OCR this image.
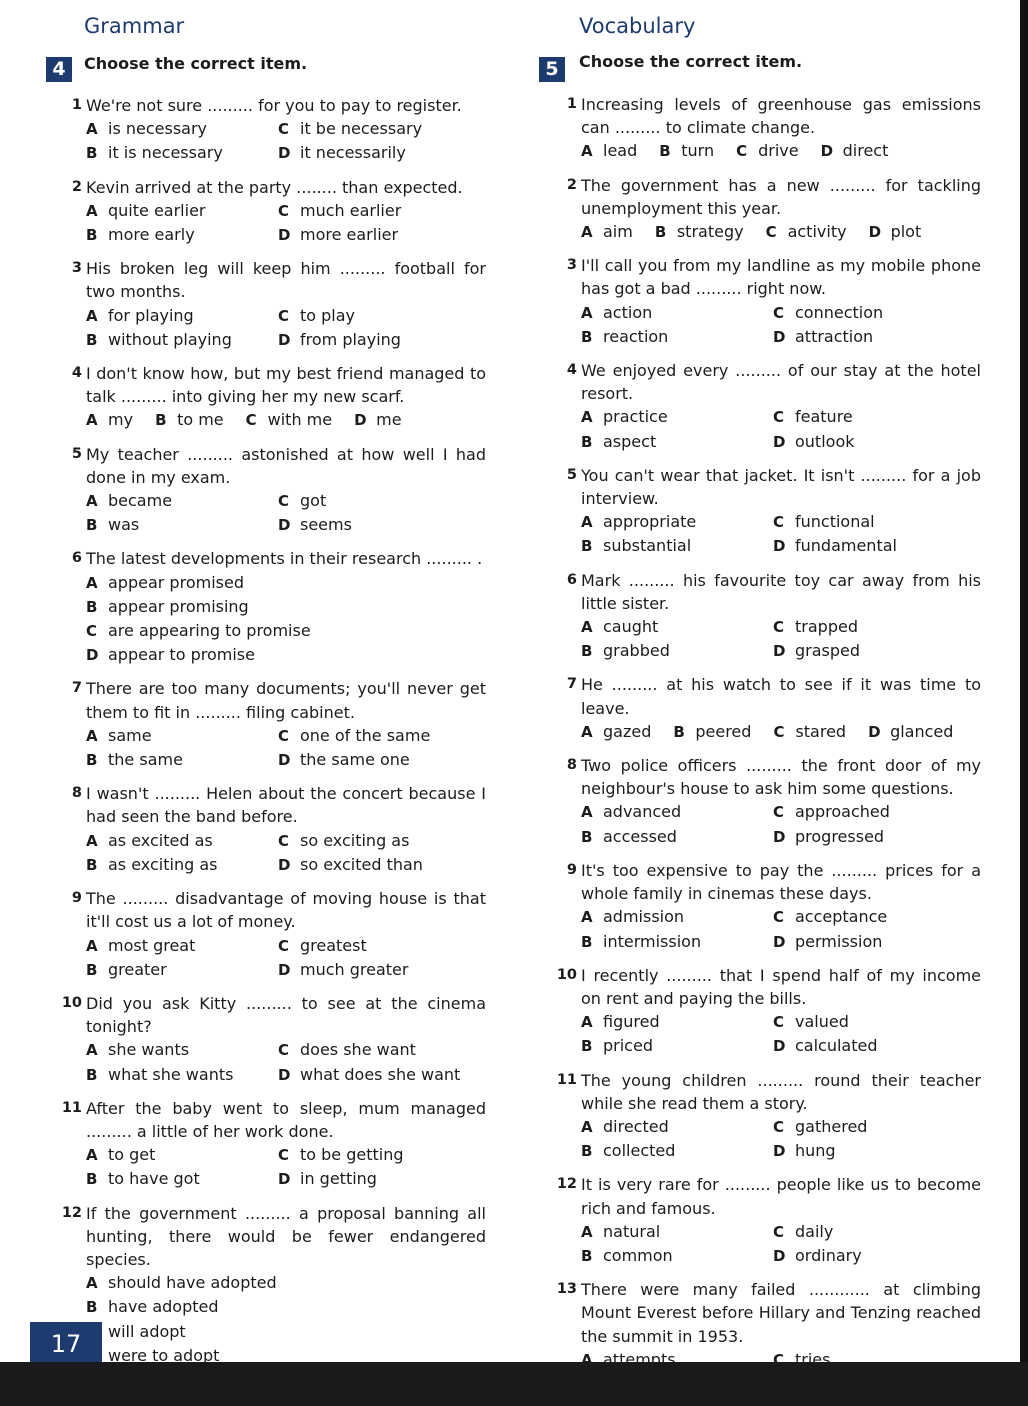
Grammar	Vocabulary
4	Choose the correct item.	5	Choose the correct item.
1 We're not sure ......... for you to pay to register.
A is necessary	C it be necessary
B it is necessary	D it necessarily
2 Kevin arrived at the party ........ than expected.
A quite earlier	C much earlier
B more early	D more earlier
3 His broken leg will keep him ......... football for two months.
A for playing	C to play
B without playing	D from playing
4 I don't know how, but my best friend managed to talk ......... into giving her my new scarf.
A my B to me C with me D me
5 My teacher ......... astonished at how well I had done in my exam.
A became	C got
B was	D seems
6 The latest developments in their research ......... .
A appear promised
B appear promising
C are appearing to promise
D appear to promise
7 There are too many documents; you'll never get them to fit in ......... filing cabinet.
A same	C one of the same
B the same	D the same one
8 I wasn't ......... Helen about the concert because I had seen the band before.
A as excited as	C so exciting as
B as exciting as	D so excited than
9 The ......... disadvantage of moving house is that it'll cost us a lot of money.
A most great	C greatest
B greater	D much greater
10 Did you ask Kitty ......... to see at the cinema tonight?
A she wants	C does she want
B what she wants	D what does she want
11 After the baby went to sleep, mum managed ......... a little of her work done.
A to get	C to be getting
B to have got	D in getting
12 If the government ......... a proposal banning all hunting, there would be fewer endangered species.
A should have adopted
B have adopted
will adopt
were to adopt
1 Increasing levels of greenhouse gas emissions can ......... to climate change.
A lead B turn C drive D direct
2 The government has a new ......... for tackling unemployment this year.
A aim B strategy C activity D plot
3 I'll call you from my landline as my mobile phone has got a bad ......... right now.
A action	C connection
B reaction	D attraction
4 We enjoyed every ......... of our stay at the hotel resort.
A practice	C feature
B aspect	D outlook
5 You can't wear that jacket. It isn't ......... for a job interview.
A appropriate	C functional
B substantial	D fundamental
6 Mark ......... his favourite toy car away from his little sister.
A caught	C trapped
B grabbed	D grasped
7 He ......... at his watch to see if it was time to leave.
A gazed B peered C stared D glanced
8 Two police officers ......... the front door of my neighbour's house to ask him some questions.
A advanced	C approached
B accessed	D progressed
9 It's too expensive to pay the ......... prices for a whole family in cinemas these days.
A admission	C acceptance
B intermission	D permission
10 I recently ......... that I spend half of my income on rent and paying the bills.
A figured	C valued
B priced	D calculated
11 The young children ......... round their teacher while she read them a story.
A directed	C gathered
B collected	D hung
12 It is very rare for ......... people like us to become rich and famous.
A natural	C daily
B common	D ordinary
13 There were many failed ............ at climbing Mount Everest before Hillary and Tenzing reached the summit in 1953.
A attempts	C tries
B efforts	D approaches
17
